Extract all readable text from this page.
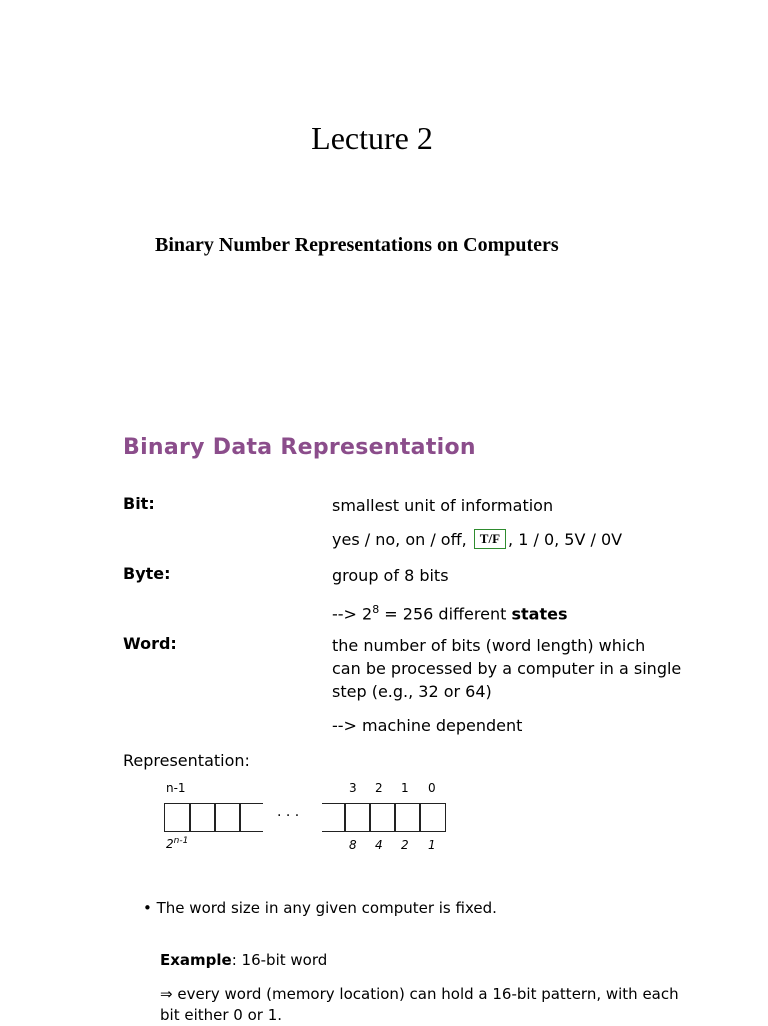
Lecture 2
Binary Number Representations on Computers
Binary Data Representation
Bit:	smallest unit of information
yes / no, on / off, T/F , 1 / 0, 5V / 0V
Byte:	group of 8 bits
--> $2^8 = 256$ different states
Word:	the number of bits (word length) which
can be processed by a computer in a single
step (e.g., 32 or 64)
--> machine dependent
Representation:
n-1	3 2 1 0
· · ·
$2^{n-1}$	8 4 2 1
• The word size in any given computer is fixed.
Example: 16-bit word
⇒ every word (memory location) can hold a 16-bit pattern, with each bit either 0 or 1.
